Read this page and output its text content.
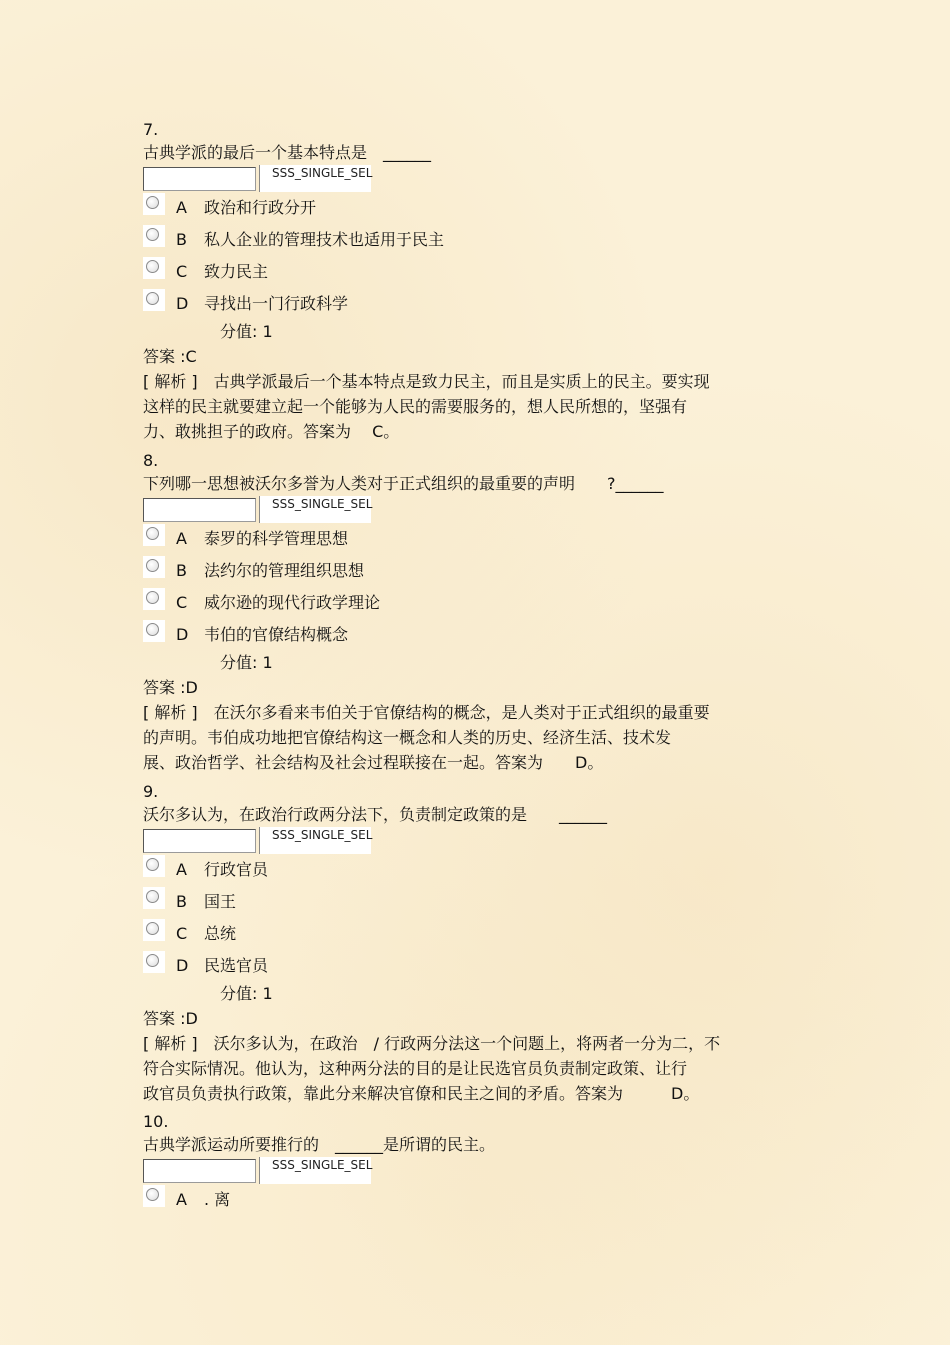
7.
古典学派的最后一个基本特点是　______
SSS_SINGLE_SEL
A 政治和行政分开
B 私人企业的管理技术也适用于民主
C 致力民主
D 寻找出一门行政科学
分值: 1
答案 :C
[ 解析 ]　古典学派最后一个基本特点是致力民主，而且是实质上的民主。要实现
这样的民主就要建立起一个能够为人民的需要服务的，想人民所想的，坚强有
力、敢挑担子的政府。答案为　 C。
8.
下列哪一思想被沃尔多誉为人类对于正式组织的最重要的声明　　?______
SSS_SINGLE_SEL
A 泰罗的科学管理思想
B 法约尔的管理组织思想
C 威尔逊的现代行政学理论
D 韦伯的官僚结构概念
分值: 1
答案 :D
[ 解析 ]　在沃尔多看来韦伯关于官僚结构的概念，是人类对于正式组织的最重要
的声明。韦伯成功地把官僚结构这一概念和人类的历史、经济生活、技术发
展、政治哲学、社会结构及社会过程联接在一起。答案为　　D。
9.
沃尔多认为，在政治行政两分法下，负责制定政策的是　　______
SSS_SINGLE_SEL
A 行政官员
B 国王
C 总统
D 民选官员
分值: 1
答案 :D
[ 解析 ]　沃尔多认为，在政治　/ 行政两分法这一个问题上，将两者一分为二，不
符合实际情况。他认为，这种两分法的目的是让民选官员负责制定政策、让行
政官员负责执行政策，靠此分来解决官僚和民主之间的矛盾。答案为　　　D。
10.
古典学派运动所要推行的　______是所谓的民主。
SSS_SINGLE_SEL
A . 离
